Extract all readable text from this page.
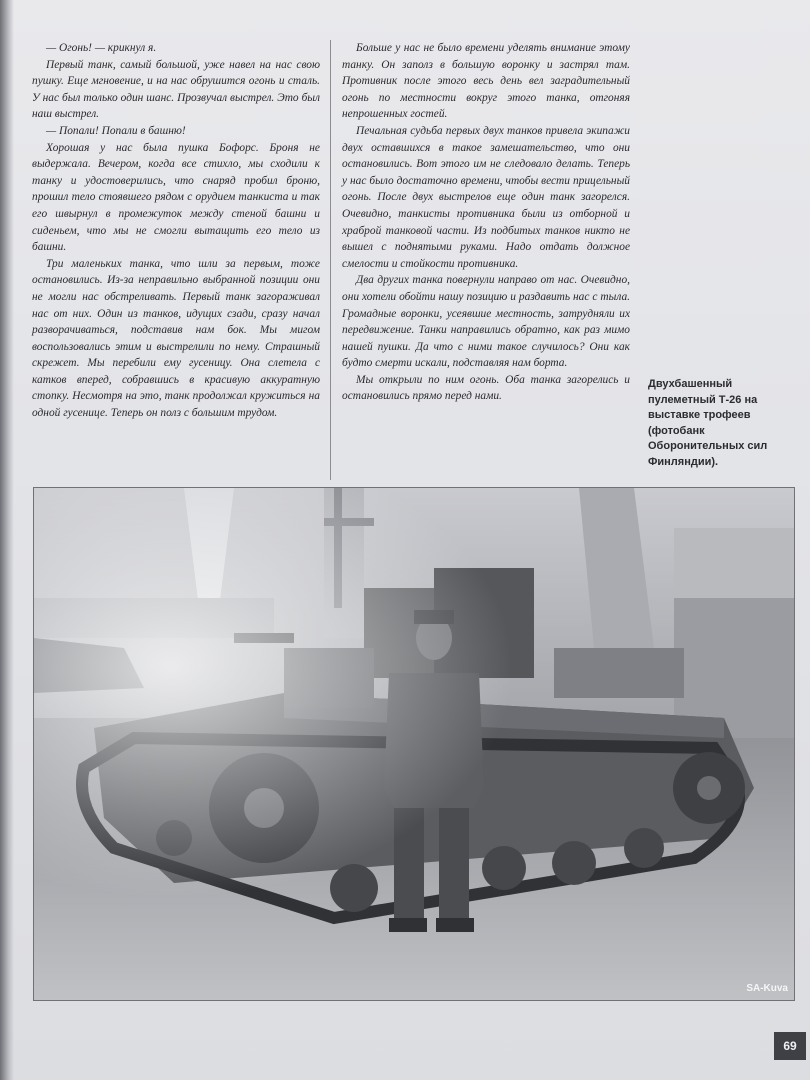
— Огонь! — крикнул я.

Первый танк, самый большой, уже навел на нас свою пушку. Еще мгновение, и на нас обрушится огонь и сталь. У нас был только один шанс. Прозвучал выстрел. Это был наш выстрел.

— Попали! Попали в башню!

Хорошая у нас была пушка Бофорс. Броня не выдержала. Вечером, когда все стихло, мы сходили к танку и удостоверились, что снаряд пробил броню, прошил тело стоявшего рядом с орудием танкиста и так его швырнул в промежуток между стеной башни и сиденьем, что мы не смогли вытащить его тело из башни.

Три маленьких танка, что шли за первым, тоже остановились. Из-за неправильно выбранной позиции они не могли нас обстреливать. Первый танк загораживал нас от них. Один из танков, идущих сзади, сразу начал разворачиваться, подставив нам бок. Мы мигом воспользовались этим и выстрелили по нему. Страшный скрежет. Мы перебили ему гусеницу. Она слетела с катков вперед, собравшись в красивую аккуратную стопку. Несмотря на это, танк продолжал кружиться на одной гусенице. Теперь он полз с большим трудом.

Больше у нас не было времени уделять внимание этому танку. Он заполз в большую воронку и застрял там. Противник после этого весь день вел заградительный огонь по местности вокруг этого танка, отгоняя непрошенных гостей.

Печальная судьба первых двух танков привела экипажи двух оставшихся в такое замешательство, что они остановились. Вот этого им не следовало делать. Теперь у нас было достаточно времени, чтобы вести прицельный огонь. После двух выстрелов еще один танк загорелся. Очевидно, танкисты противника были из отборной и храброй танковой части. Из подбитых танков никто не вышел с поднятыми руками. Надо отдать должное смелости и стойкости противника.

Два других танка повернули направо от нас. Очевидно, они хотели обойти нашу позицию и раздавить нас с тыла. Громадные воронки, усеявшие местность, затрудняли их передвижение. Танки направились обратно, как раз мимо нашей пушки. Да что с ними такое случилось? Они как будто смерти искали, подставляя нам борта.

Мы открыли по ним огонь. Оба танка загорелись и остановились прямо перед нами.

Двухбашенный пулеметный Т-26 на выставке трофеев (фотобанк Оборонительных сил Финляндии).
SA-Kuva
69
